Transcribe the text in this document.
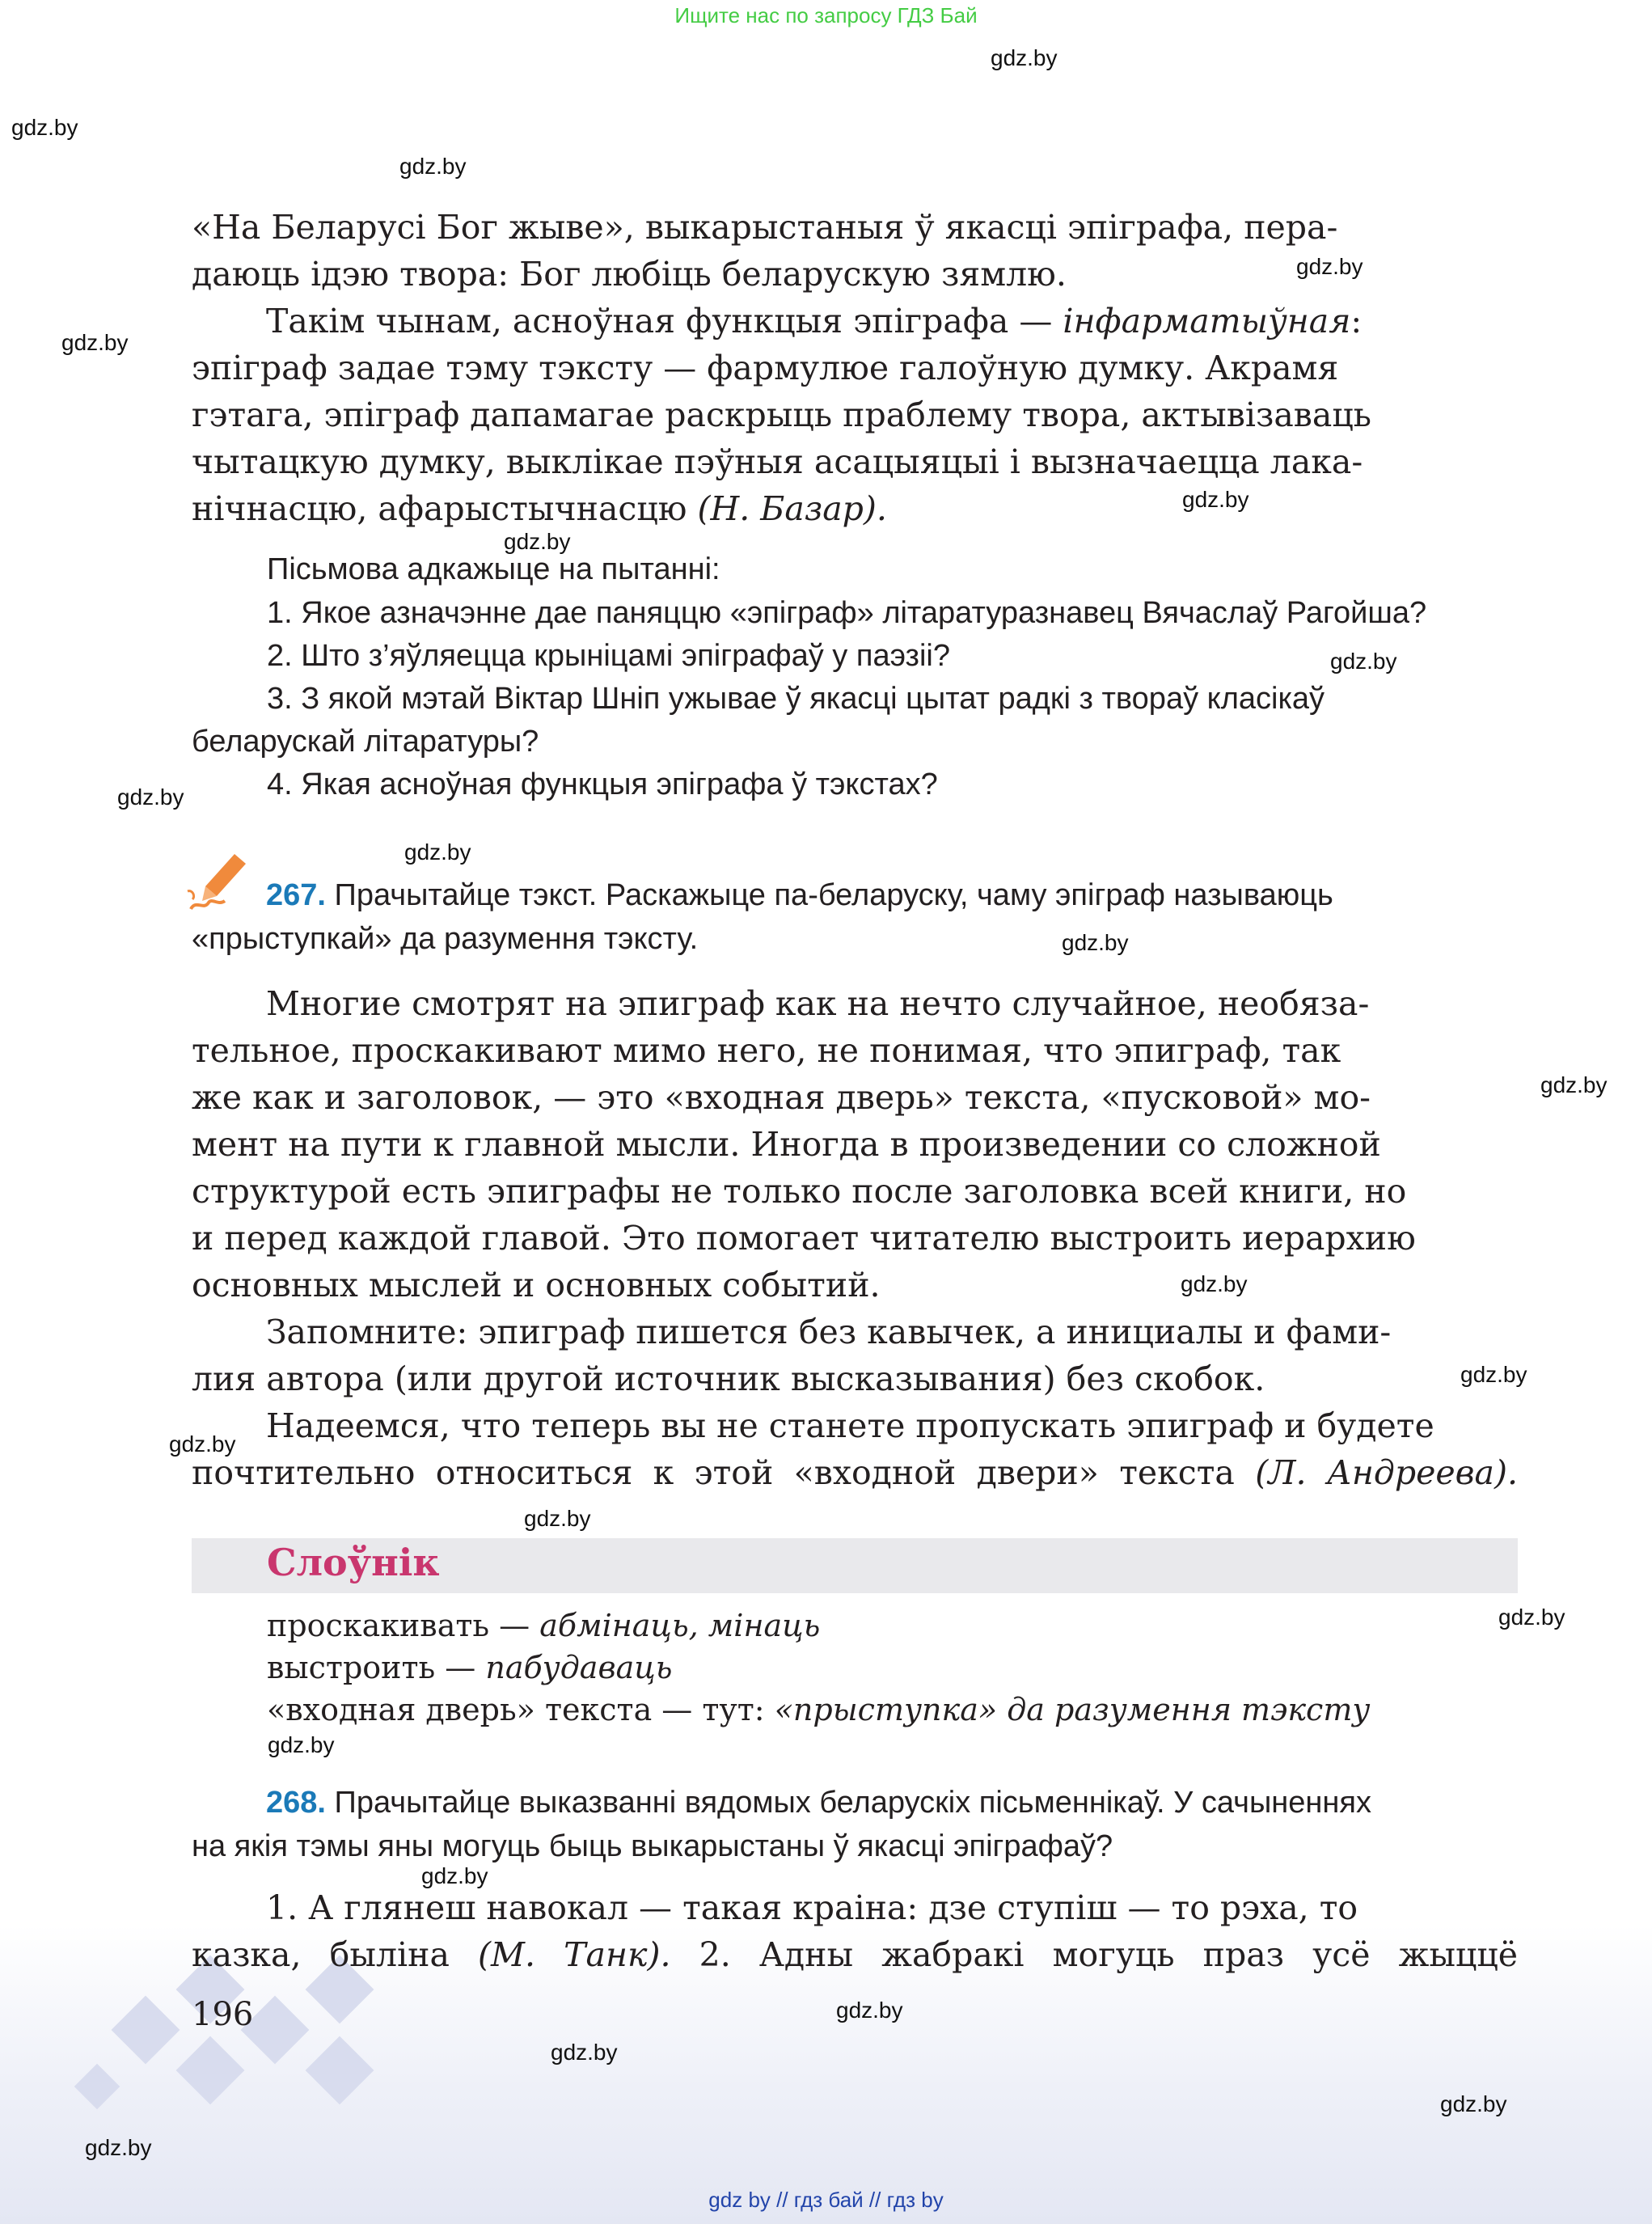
Ищите нас по запросу ГДЗ Бай
gdz.by
gdz.by
gdz.by
gdz.by
gdz.by
gdz.by
gdz.by
gdz.by
gdz.by
gdz.by
gdz.by
gdz.by
gdz.by
gdz.by
gdz.by
gdz.by
gdz.by
gdz.by
gdz.by
gdz.by
gdz.by
gdz.by
gdz.by

«На Беларусі Бог жыве», выкарыстаныя ў якасці эпіграфа, пера-
даюць ідэю твора: Бог любіць беларускую зямлю.

Такім чынам, асноўная функцыя эпіграфа — інфарматыўная:
эпіграф задае тэму тэксту — фармулюе галоўную думку. Акрамя
гэтага, эпіграф дапамагае раскрыць праблему твора, актывізаваць
чытацкую думку, выклікае пэўныя асацыяцыі і вызначаецца лака-
нічнасцю, афарыстычнасцю (Н. Базар).

Пісьмова адкажыце на пытанні:
1. Якое азначэнне дае паняццю «эпіграф» літаратуразнавец Вячаслаў Рагойша?
2. Што з’яўляецца крыніцамі эпіграфаў у паэзіі?
3. З якой мэтай Віктар Шніп ужывае ў якасці цытат радкі з твораў класікаў
беларускай літаратуры?
4. Якая асноўная функцыя эпіграфа ў тэкстах?

267. Прачытайце тэкст. Раскажыце па-беларуску, чаму эпіграф называюць
«прыступкай» да разумення тэксту.

Многие смотрят на эпиграф как на нечто случайное, необяза-
тельное, проскакивают мимо него, не понимая, что эпиграф, так
же как и заголовок, — это «входная дверь» текста, «пусковой» мо-
мент на пути к главной мысли. Иногда в произведении со сложной
структурой есть эпиграфы не только после заголовка всей книги, но
и перед каждой главой. Это помогает читателю выстроить иерархию
основных мыслей и основных событий.

Запомните: эпиграф пишется без кавычек, а инициалы и фами-
лия автора (или другой источник высказывания) без скобок.

Надеемся, что теперь вы не станете пропускать эпиграф и будете
почтительно относиться к этой «входной двери» текста (Л. Андреева).

Слоўнік
проскакивать — абмінаць, мінаць
выстроить — пабудаваць
«входная дверь» текста — тут: «прыступка» да разумення тэксту

268. Прачытайце выказванні вядомых беларускіх пісьменнікаў. У сачыненнях
на якія тэмы яны могуць быць выкарыстаны ў якасці эпіграфаў?

1. А глянеш навокал — такая краіна: дзе ступіш — то рэха, то
казка, быліна (М. Танк). 2. Адны жабракі могуць праз усё жыццё

196
gdz by // гдз бай // гдз by
